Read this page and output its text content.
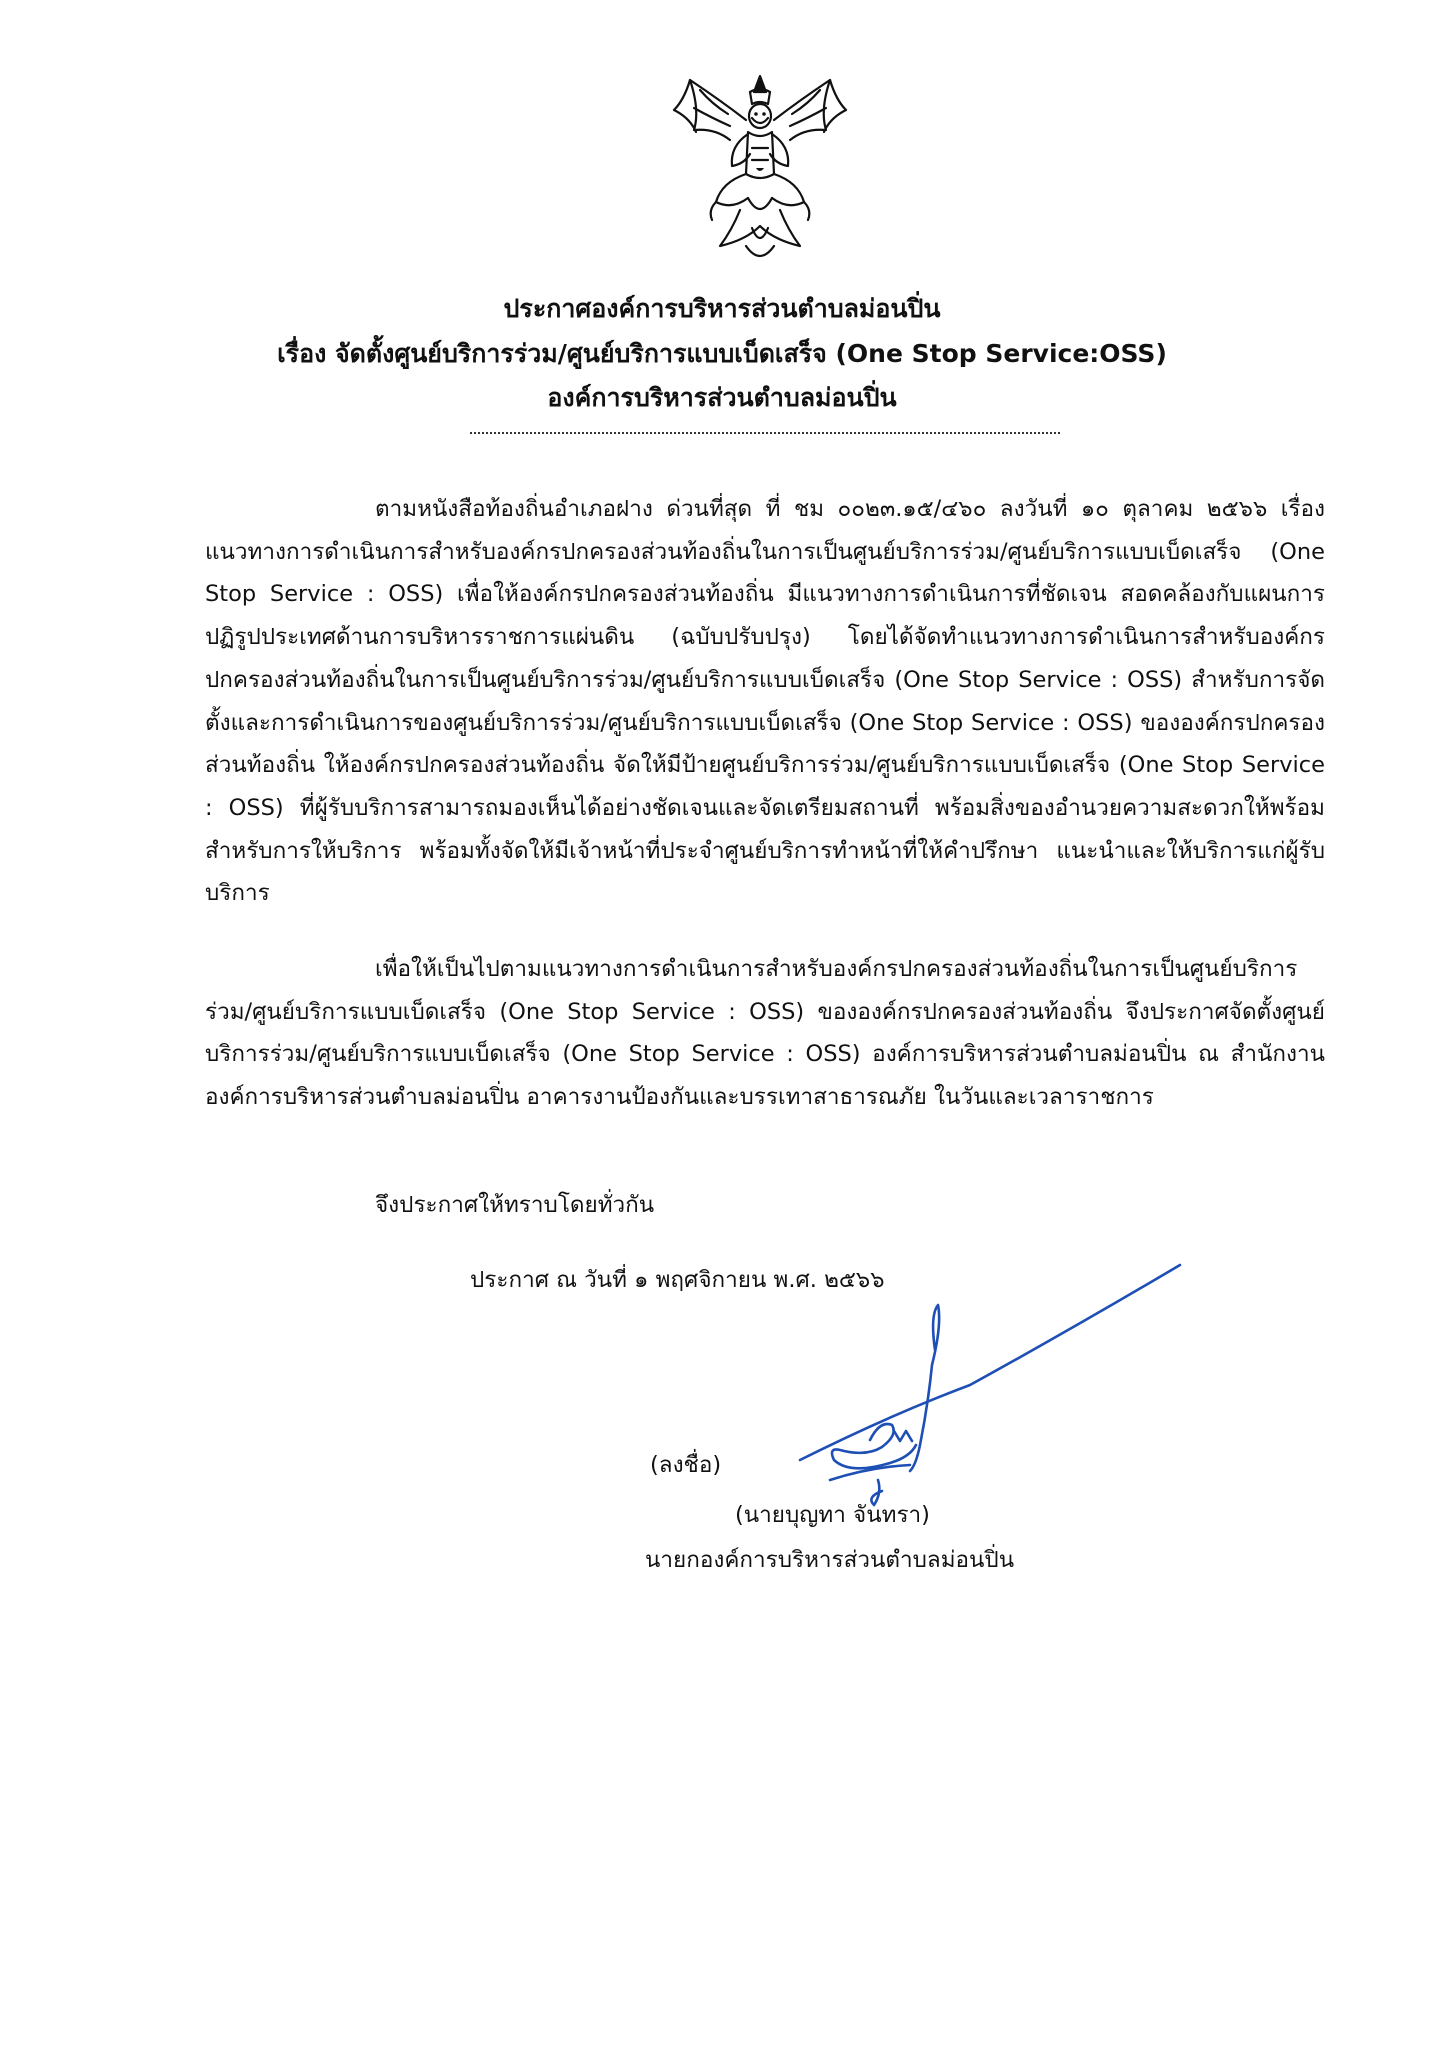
ประกาศองค์การบริหารส่วนตำบลม่อนปิ่น
เรื่อง จัดตั้งศูนย์บริการร่วม/ศูนย์บริการแบบเบ็ดเสร็จ (One Stop Service:OSS)
องค์การบริหารส่วนตำบลม่อนปิ่น
ตามหนังสือท้องถิ่นอำเภอฝาง ด่วนที่สุด ที่ ชม ๐๐๒๓.๑๕/๔๖๐ ลงวันที่ ๑๐ ตุลาคม ๒๕๖๖ เรื่อง แนวทางการดำเนินการสำหรับองค์กรปกครองส่วนท้องถิ่นในการเป็นศูนย์บริการร่วม/ศูนย์บริการแบบเบ็ดเสร็จ (One Stop Service : OSS) เพื่อให้องค์กรปกครองส่วนท้องถิ่น มีแนวทางการดำเนินการที่ชัดเจน สอดคล้องกับแผนการปฏิรูปประเทศด้านการบริหารราชการแผ่นดิน (ฉบับปรับปรุง) โดยได้จัดทำแนวทางการดำเนินการสำหรับองค์กรปกครองส่วนท้องถิ่นในการเป็นศูนย์บริการร่วม/ศูนย์บริการแบบเบ็ดเสร็จ (One Stop Service : OSS) สำหรับการจัดตั้งและการดำเนินการของศูนย์บริการร่วม/ศูนย์บริการแบบเบ็ดเสร็จ (One Stop Service : OSS) ขององค์กรปกครองส่วนท้องถิ่น ให้องค์กรปกครองส่วนท้องถิ่น จัดให้มีป้ายศูนย์บริการร่วม/ศูนย์บริการแบบเบ็ดเสร็จ (One Stop Service : OSS) ที่ผู้รับบริการสามารถมองเห็นได้อย่างชัดเจนและจัดเตรียมสถานที่ พร้อมสิ่งของอำนวยความสะดวกให้พร้อมสำหรับการให้บริการ พร้อมทั้งจัดให้มีเจ้าหน้าที่ประจำศูนย์บริการทำหน้าที่ให้คำปรึกษา แนะนำและให้บริการแก่ผู้รับบริการ
เพื่อให้เป็นไปตามแนวทางการดำเนินการสำหรับองค์กรปกครองส่วนท้องถิ่นในการเป็นศูนย์บริการร่วม/ศูนย์บริการแบบเบ็ดเสร็จ (One Stop Service : OSS) ขององค์กรปกครองส่วนท้องถิ่น จึงประกาศจัดตั้งศูนย์บริการร่วม/ศูนย์บริการแบบเบ็ดเสร็จ (One Stop Service : OSS) องค์การบริหารส่วนตำบลม่อนปิ่น ณ สำนักงานองค์การบริหารส่วนตำบลม่อนปิ่น อาคารงานป้องกันและบรรเทาสาธารณภัย ในวันและเวลาราชการ
จึงประกาศให้ทราบโดยทั่วกัน
ประกาศ ณ วันที่ ๑ พฤศจิกายน พ.ศ. ๒๕๖๖
(ลงชื่อ)
(นายบุญทา จันทรา)
นายกองค์การบริหารส่วนตำบลม่อนปิ่น
